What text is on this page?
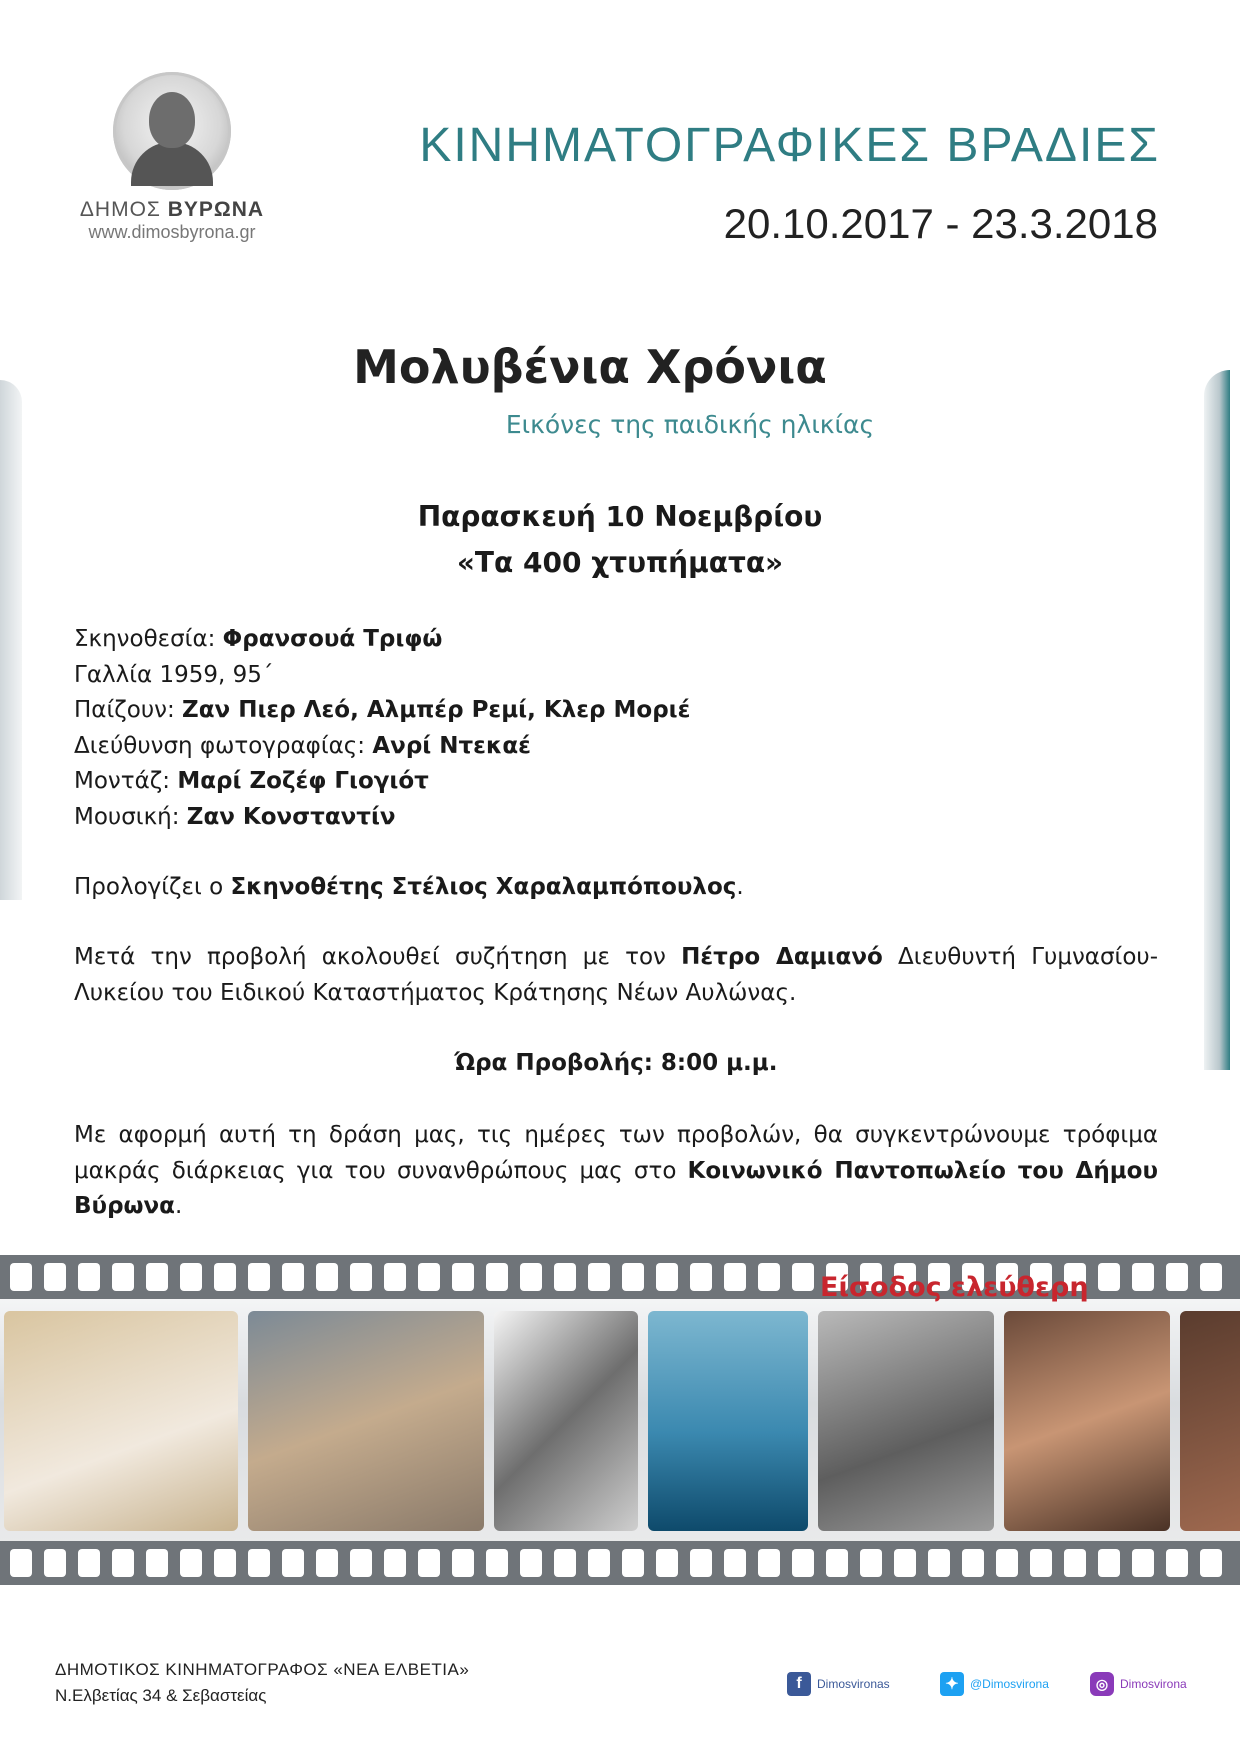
ΔΗΜΟΣ ΒΥΡΩΝΑ
www.dimosbyrona.gr
ΚΙΝΗΜΑΤΟΓΡΑΦΙΚΕΣ ΒΡΑΔΙΕΣ
20.10.2017 - 23.3.2018
Μολυβένια Χρόνια
Εικόνες της παιδικής ηλικίας
Παρασκευή 10 Νοεμβρίου
«Τα 400 χτυπήματα»
Σκηνοθεσία: Φρανσουά Τριφώ
Γαλλία 1959, 95΄
Παίζουν: Ζαν Πιερ Λεό, Αλμπέρ Ρεμί, Κλερ Μοριέ
Διεύθυνση φωτογραφίας: Ανρί Ντεκαέ
Μοντάζ: Μαρί Ζοζέφ Γιογιότ
Μουσική: Ζαν Κονσταντίν
Προλογίζει ο Σκηνοθέτης Στέλιος Χαραλαμπόπουλος.
Μετά την προβολή ακολουθεί συζήτηση με τον Πέτρο Δαμιανό Διευθυντή Γυμνασίου-Λυκείου του Ειδικού Καταστήματος Κράτησης Νέων Αυλώνας.
Ώρα Προβολής: 8:00 μ.μ.
Με αφορμή αυτή τη δράση μας, τις ημέρες των προβολών, θα συγκεντρώνουμε τρόφιμα μακράς διάρκειας για του συνανθρώπους μας στο Κοινωνικό Παντοπωλείο του Δήμου Βύρωνα.
Είσοδος ελεύθερη
ΔΗΜΟΤΙΚΟΣ ΚΙΝΗΜΑΤΟΓΡΑΦΟΣ «ΝΕΑ ΕΛΒΕΤΙΑ»
Ν.Ελβετίας 34 & Σεβαστείας
f	Dimosvironas	✦ @Dimosvirona	◎ Dimosvirona
